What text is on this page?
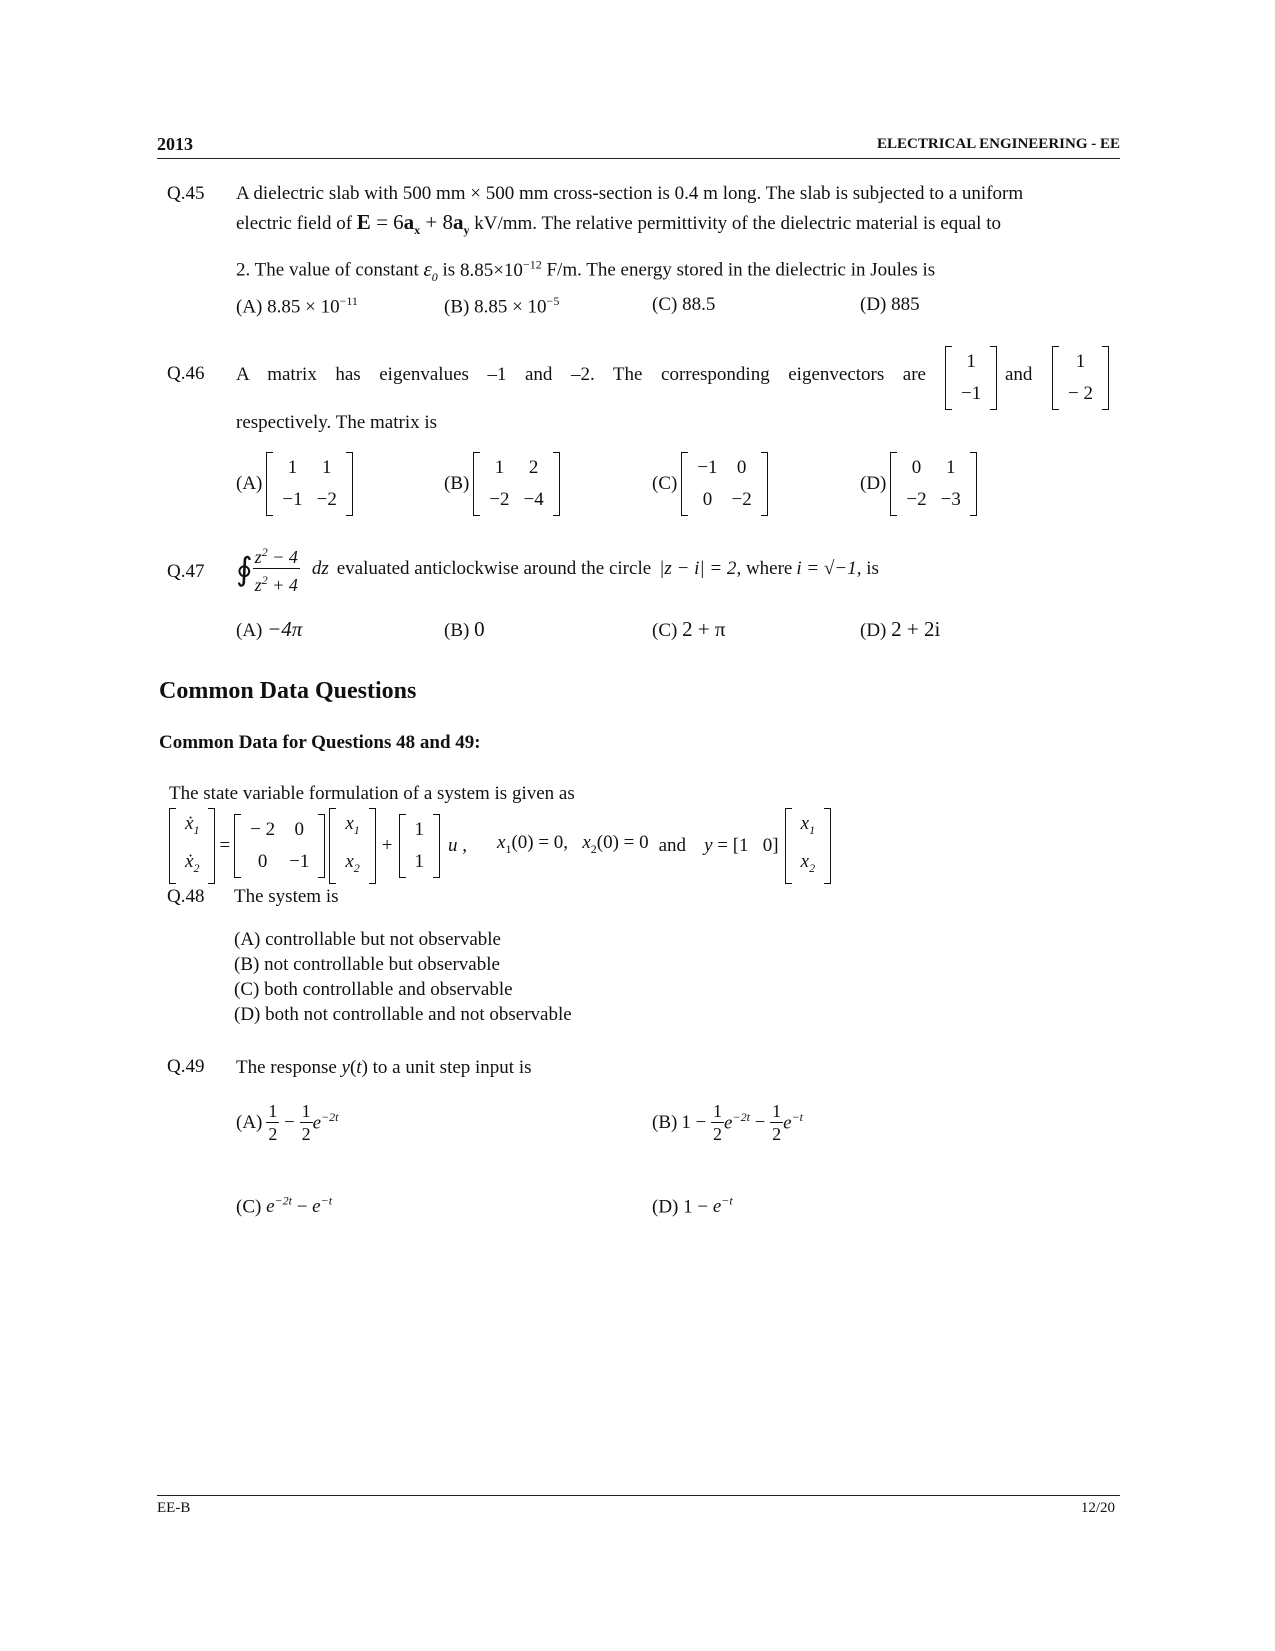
2013	ELECTRICAL ENGINEERING - EE
Q.45 A dielectric slab with 500 mm × 500 mm cross-section is 0.4 m long. The slab is subjected to a uniform
electric field of $E = 6a_x + 8a_y$ kV/mm. The relative permittivity of the dielectric material is equal to
2. The value of constant $\varepsilon_0$ is $8.85\times 10^{-12}$ F/m. The energy stored in the dielectric in Joules is
(A) $8.85 \times 10^{-11}$	(B) $8.85 \times 10^{-5}$	(C) 88.5	(D) 885
Q.46 A matrix has eigenvalues –1 and –2. The corresponding eigenvectors are
1
−1
and
1
− 2
respectively. The matrix is
(A)

1	1
−1	−2
(B)

1	2
−2	−4
(C)

−1	0
0	−2
(D)

0	1
−2	−3
Q.47 ∮ $\frac{z^2 - 4}{z^2 + 4}$ dz evaluated anticlockwise around the circle |z − i| = 2 , where i = √−1 , is
(A) −4π	(B) 0	(C) 2 + π	(D) 2 + 2i
Common Data Questions
Common Data for Questions 48 and 49:
The state variable formulation of a system is given as
ẋ$_1$
ẋ$_2$
=
− 2	0
0	−1
$x_1$
$x_2$
+
1
1
u , $x_1(0) = 0$,   $x_2(0) = 0$ and y = [1   0]
$x_1$
$x_2$
Q.48 The system is
(A) controllable but not observable
(B) not controllable but observable
(C) both controllable and observable
(D) both not controllable and not observable
Q.49 The response y(t) to a unit step input is
(A)
$\frac{1}{2} - \frac{1}{2} e^{-2t}$	(B)
$1 - \frac{1}{2} e^{-2t} - \frac{1}{2} e^{-t}$
(C) $e^{-2t} - e^{-t}$	(D) $1 - e^{-t}$
EE-B	12/20
